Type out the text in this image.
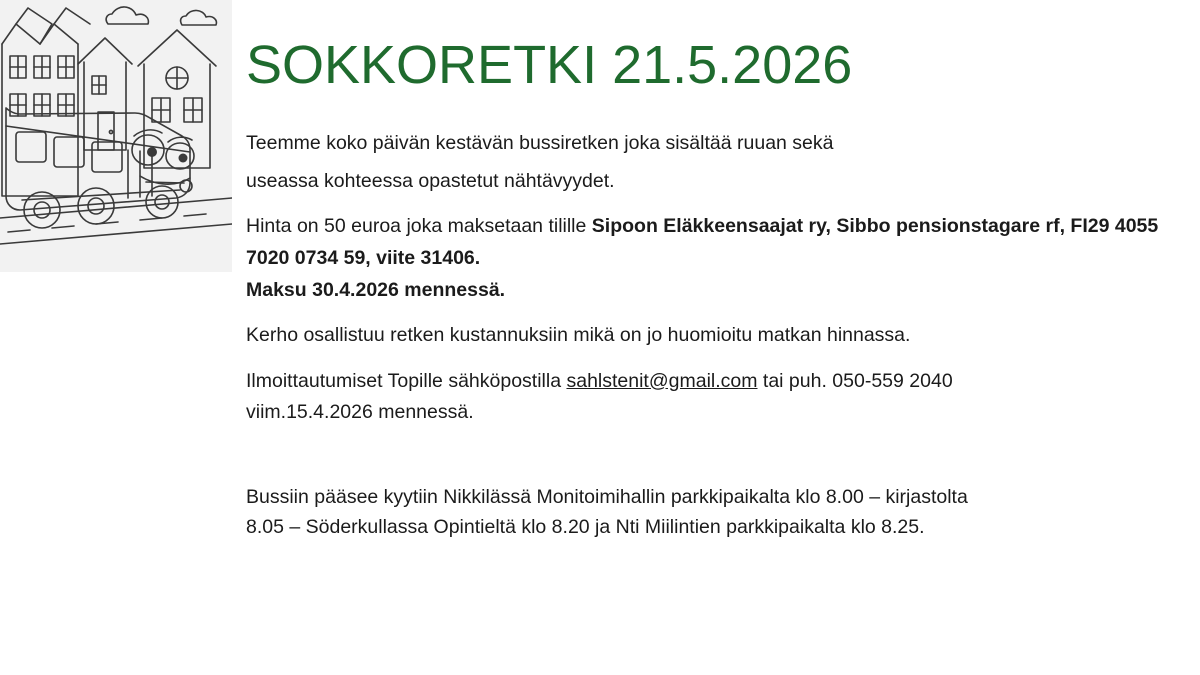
SOKKORETKI 21.5.2026

Teemme koko päivän kestävän bussiretken joka sisältää ruuan sekä

useassa kohteessa opastetut nähtävyydet.

Hinta on 50 euroa joka maksetaan tilille Sipoon Eläkkeensaajat ry, Sibbo pensionstagare rf, FI29 4055 7020 0734 59, viite 31406.

Maksu 30.4.2026 mennessä.

Kerho osallistuu retken kustannuksiin mikä on jo huomioitu matkan hinnassa.

Ilmoittautumiset Topille sähköpostilla sahlstenit@gmail.com tai puh. 050-559 2040

viim.15.4.2026 mennessä.

Bussiin pääsee kyytiin Nikkilässä Monitoimihallin parkkipaikalta klo 8.00 – kirjastolta

8.05 – Söderkullassa Opintieltä klo 8.20 ja Nti Miilintien parkkipaikalta klo 8.25.
